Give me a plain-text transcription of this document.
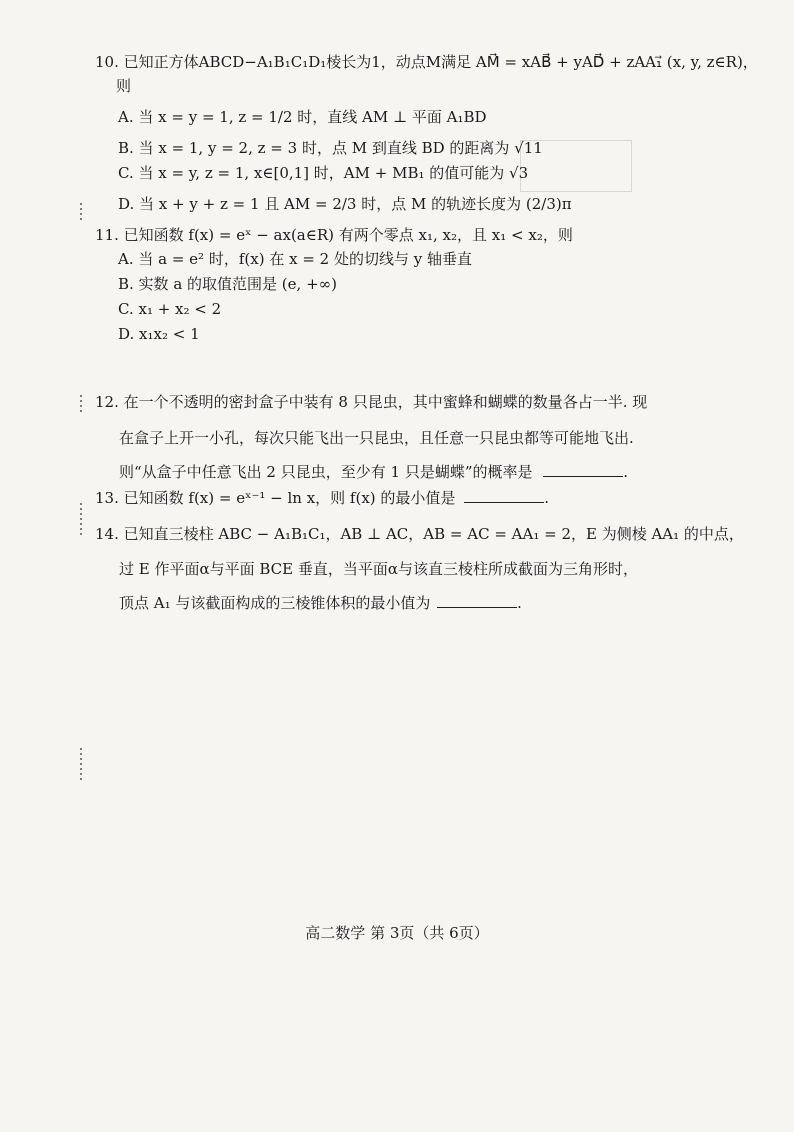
10. 已知正方体ABCD−A₁B₁C₁D₁棱长为1，动点M满足 AM⃗ = xAB⃗ + yAD⃗ + zAA₁⃗ (x, y, z∈R)，
则
A. 当 x = y = 1, z = 1/2 时，直线 AM ⊥ 平面 A₁BD
B. 当 x = 1, y = 2, z = 3 时，点 M 到直线 BD 的距离为 √11
C. 当 x = y, z = 1, x∈[0,1] 时，AM + MB₁ 的值可能为 √3
D. 当 x + y + z = 1 且 AM = 2/3 时，点 M 的轨迹长度为 (2/3)π
11. 已知函数 f(x) = eˣ − ax(a∈R) 有两个零点 x₁, x₂，且 x₁ < x₂，则
A. 当 a = e² 时，f(x) 在 x = 2 处的切线与 y 轴垂直
B. 实数 a 的取值范围是 (e, +∞)
C. x₁ + x₂ < 2
D. x₁x₂ < 1
12. 在一个不透明的密封盒子中装有 8 只昆虫，其中蜜蜂和蝴蝶的数量各占一半. 现
在盒子上开一小孔，每次只能飞出一只昆虫，且任意一只昆虫都等可能地飞出.
则“从盒子中任意飞出 2 只昆虫，至少有 1 只是蝴蝶”的概率是	.
13. 已知函数 f(x) = eˣ⁻¹ − ln x，则 f(x) 的最小值是	.
14. 已知直三棱柱 ABC − A₁B₁C₁，AB ⊥ AC，AB = AC = AA₁ = 2，E 为侧棱 AA₁ 的中点，
过 E 作平面α与平面 BCE 垂直，当平面α与该直三棱柱所成截面为三角形时，
顶点 A₁ 与该截面构成的三棱锥体积的最小值为	.
高二数学 第 3页（共 6页）
